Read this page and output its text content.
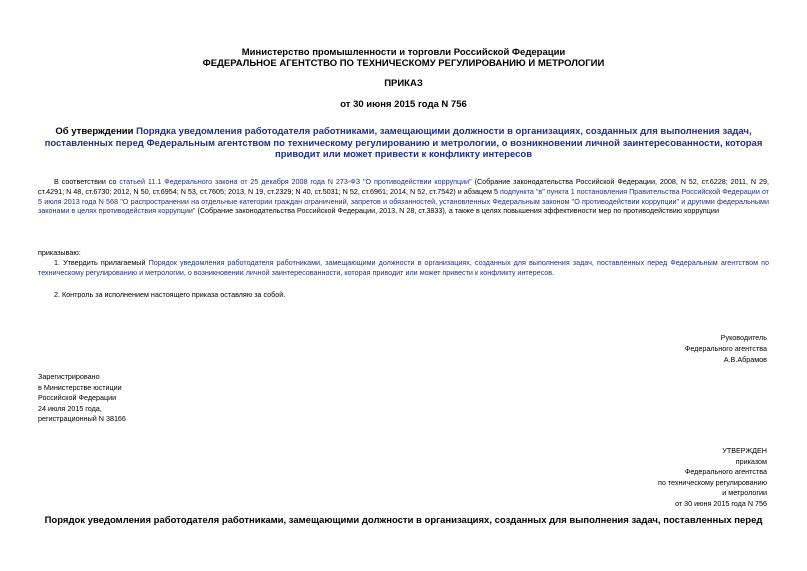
Министерство промышленности и торговли Российской Федерации
ФЕДЕРАЛЬНОЕ АГЕНТСТВО ПО ТЕХНИЧЕСКОМУ РЕГУЛИРОВАНИЮ И МЕТРОЛОГИИ
ПРИКАЗ
от 30 июня 2015 года N 756
Об утверждении Порядка уведомления работодателя работниками, замещающими должности в организациях, созданных для выполнения задач, поставленных перед Федеральным агентством по техническому регулированию и метрологии, о возникновении личной заинтересованности, которая приводит или может привести к конфликту интересов
В соответствии со статьей 11.1 Федерального закона от 25 декабря 2008 года N 273-ФЗ "О противодействии коррупции" (Собрание законодательства Российской Федерации, 2008, N 52, ст.6228; 2011, N 29, ст.4291; N 48, ст.6730; 2012, N 50, ст.6954; N 53, ст.7605; 2013, N 19, ст.2329; N 40, ст.5031; N 52, ст.6961; 2014, N 52, ст.7542) и абзацем 5 подпункта "в" пункта 1 постановления Правительства Российской Федерации от 5 июля 2013 года N 568 "О распространении на отдельные категории граждан ограничений, запретов и обязанностей, установленных Федеральным законом "О противодействии коррупции" и другими федеральными законами в целях противодействия коррупции" (Собрание законодательства Российской Федерации, 2013, N 28, ст.3833), а также в целях повышения эффективности мер по противодействию коррупции
приказываю:
1. Утвердить прилагаемый Порядок уведомления работодателя работниками, замещающими должности в организациях, созданных для выполнения задач, поставленных перед Федеральным агентством по техническому регулированию и метрологии, о возникновении личной заинтересованности, которая приводит или может привести к конфликту интересов.
2. Контроль за исполнением настоящего приказа оставляю за собой.
Руководитель
Федерального агентства
А.В.Абрамов
Зарегистрировано
в Министерстве юстиции
Российской Федерации
24 июля 2015 года,
регистрационный N 38166
УТВЕРЖДЕН
приказом
Федерального агентства
по техническому регулированию
и метрологии
от 30 июня 2015 года N 756
Порядок уведомления работодателя работниками, замещающими должности в организациях, созданных для выполнения задач, поставленных перед
